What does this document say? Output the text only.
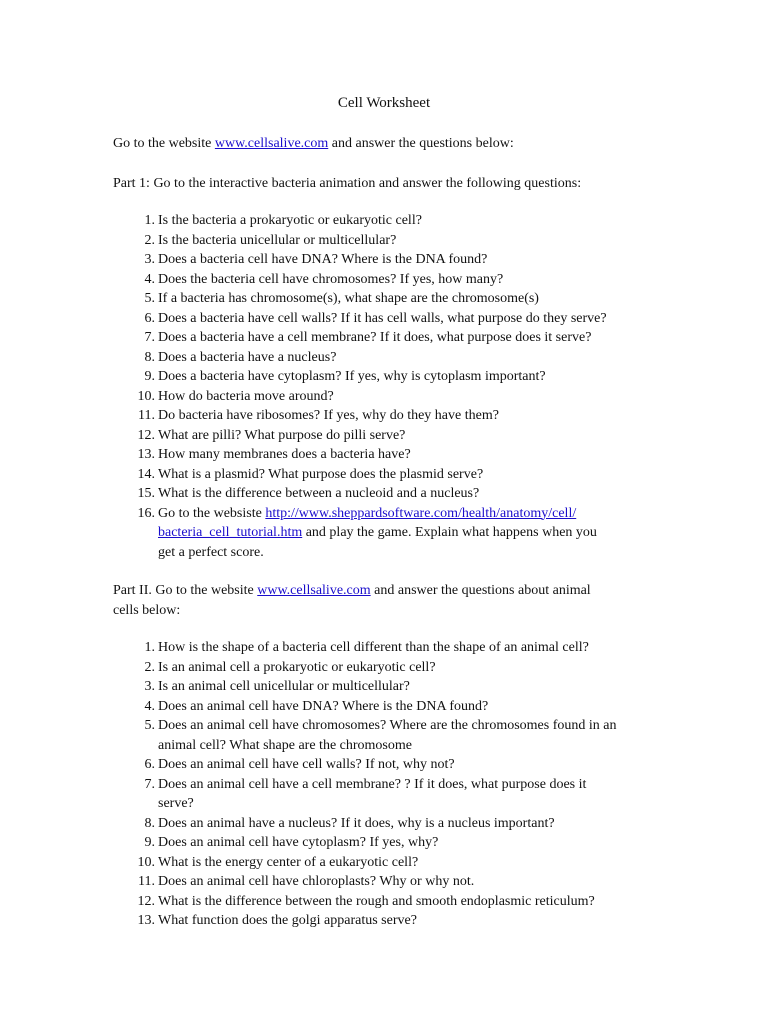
Cell Worksheet
Go to the website www.cellsalive.com and answer the questions below:
Part 1: Go to the interactive bacteria animation and answer the following questions:
1. Is the bacteria a prokaryotic or eukaryotic cell?
2. Is the bacteria unicellular or multicellular?
3. Does a bacteria cell have DNA? Where is the DNA found?
4. Does the bacteria cell have chromosomes? If yes, how many?
5. If a bacteria has chromosome(s), what shape are the chromosome(s)
6. Does a bacteria have cell walls? If it has cell walls, what purpose do they serve?
7. Does a bacteria have a cell membrane? If it does, what purpose does it serve?
8. Does a bacteria have a nucleus?
9. Does a bacteria have cytoplasm? If yes, why is cytoplasm important?
10. How do bacteria move around?
11. Do bacteria have ribosomes? If yes, why do they have them?
12. What are pilli? What purpose do pilli serve?
13. How many membranes does a bacteria have?
14. What is a plasmid? What purpose does the plasmid serve?
15. What is the difference between a nucleoid and a nucleus?
16. Go to the websiste http://www.sheppardsoftware.com/health/anatomy/cell/
bacteria_cell_tutorial.htm and play the game. Explain what happens when you
get a perfect score.
Part II. Go to the website www.cellsalive.com and answer the questions about animal
cells below:
1. How is the shape of a bacteria cell different than the shape of an animal cell?
2. Is an animal cell a prokaryotic or eukaryotic cell?
3. Is an animal cell unicellular or multicellular?
4. Does an animal cell have DNA? Where is the DNA found?
5. Does an animal cell have chromosomes? Where are the chromosomes found in an
animal cell? What shape are the chromosome
6. Does an animal cell have cell walls? If not, why not?
7. Does an animal cell have a cell membrane? ? If it does, what purpose does it
serve?
8. Does an animal have a nucleus? If it does, why is a nucleus important?
9. Does an animal cell have cytoplasm? If yes, why?
10. What is the energy center of a eukaryotic cell?
11. Does an animal cell have chloroplasts? Why or why not.
12. What is the difference between the rough and smooth endoplasmic reticulum?
13. What function does the golgi apparatus serve?
